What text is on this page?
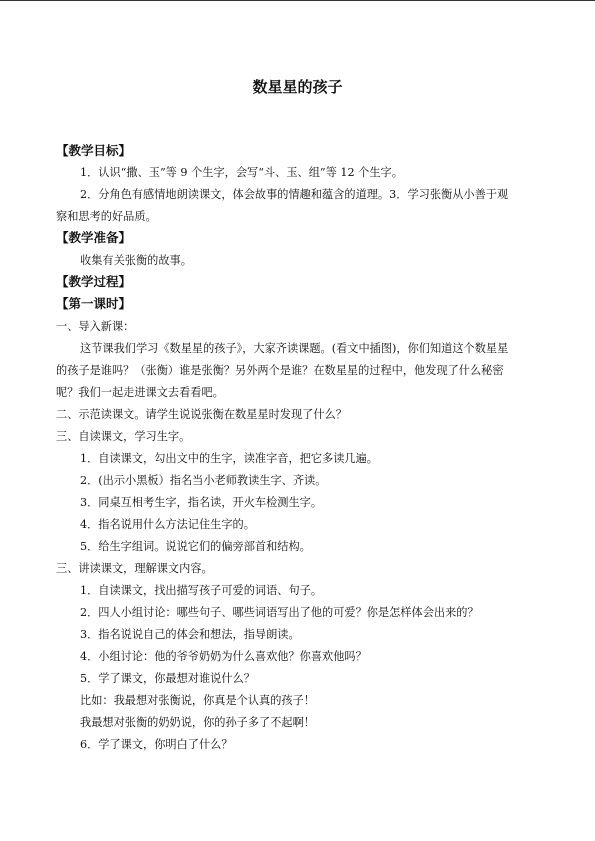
数星星的孩子
【教学目标】
1．认识“撒、玉”等 9 个生字，会写“斗、玉、组”等 12 个生字。
2．分角色有感情地朗读课文，体会故事的情趣和蕴含的道理。3．学习张衡从小善于观
察和思考的好品质。
【教学准备】
收集有关张衡的故事。
【教学过程】
【第一课时】
一、导入新课：
这节课我们学习《数星星的孩子》，大家齐读课题。(看文中插图)，你们知道这个数星星
的孩子是谁吗？（张衡）谁是张衡？另外两个是谁？在数星星的过程中，他发现了什么秘密
呢？我们一起走进课文去看看吧。
二、示范读课文。请学生说说张衡在数星星时发现了什么？
三、自读课文，学习生字。
1．自读课文，勾出文中的生字，读准字音，把它多读几遍。
2．(出示小黑板）指名当小老师教读生字、齐读。
3．同桌互相考生字，指名读，开火车检测生字。
4．指名说用什么方法记住生字的。
5．给生字组词。说说它们的偏旁部首和结构。
三、讲读课文，理解课文内容。
1．自读课文，找出描写孩子可爱的词语、句子。
2．四人小组讨论：哪些句子、哪些词语写出了他的可爱？你是怎样体会出来的？
3．指名说说自己的体会和想法，指导朗读。
4．小组讨论：他的爷爷奶奶为什么喜欢他？你喜欢他吗？
5．学了课文，你最想对谁说什么？
比如：我最想对张衡说，你真是个认真的孩子！
我最想对张衡的奶奶说，你的孙子多了不起啊！
6．学了课文，你明白了什么？
